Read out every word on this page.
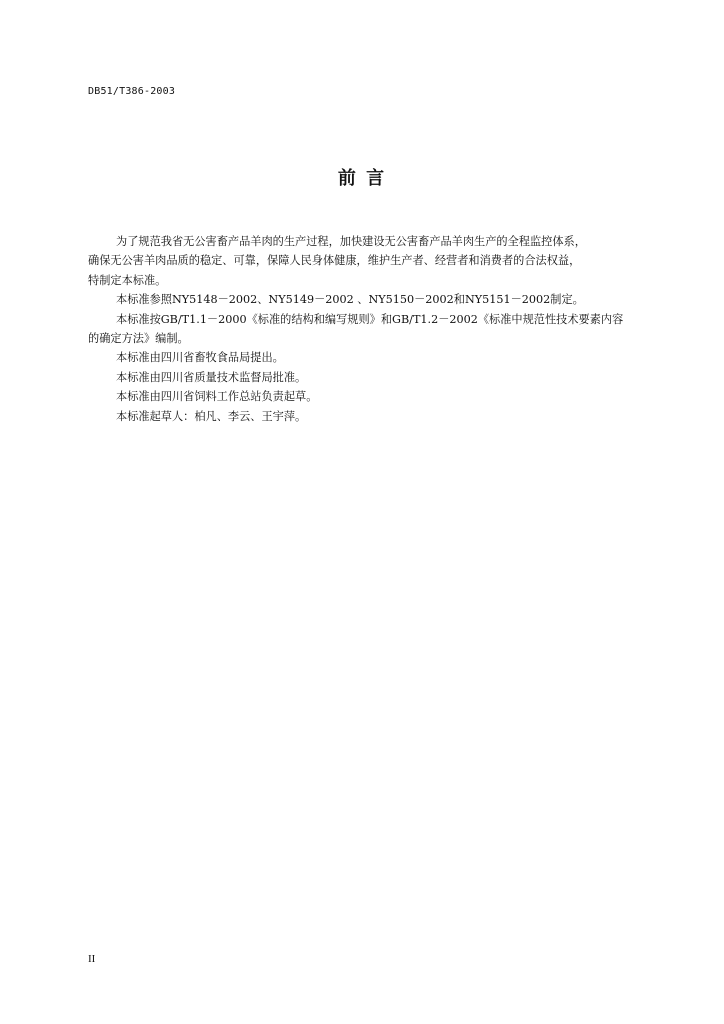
DB51/T386-2003
前 言
为了规范我省无公害畜产品羊肉的生产过程，加快建设无公害畜产品羊肉生产的全程监控体系，
确保无公害羊肉品质的稳定、可靠，保障人民身体健康，维护生产者、经营者和消费者的合法权益，
特制定本标准。
本标准参照NY5148－2002、NY5149－2002 、NY5150－2002和NY5151－2002制定。
本标准按GB/T1.1－2000《标准的结构和编写规则》和GB/T1.2－2002《标准中规范性技术要素内容
的确定方法》编制。
本标准由四川省畜牧食品局提出。
本标准由四川省质量技术监督局批准。
本标准由四川省饲料工作总站负责起草。
本标准起草人：柏凡、李云、王宇萍。
II
